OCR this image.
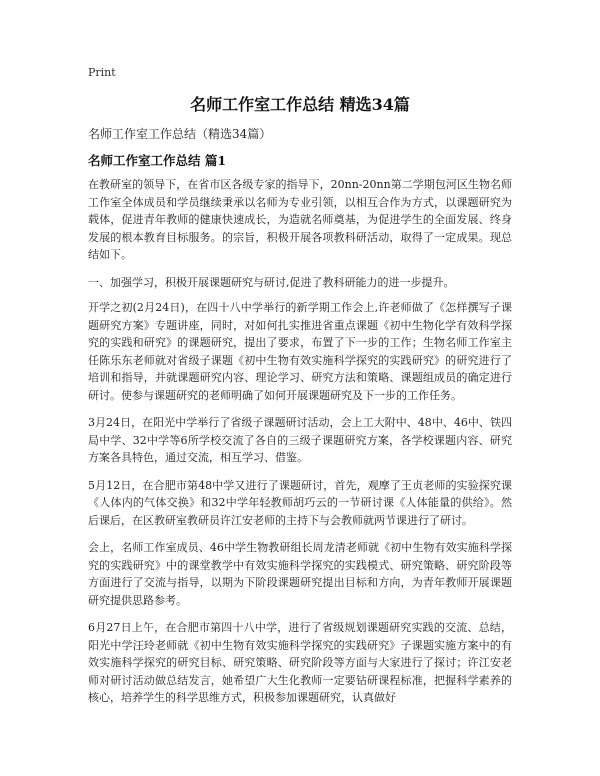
Print
名师工作室工作总结 精选34篇

名师工作室工作总结（精选34篇）

名师工作室工作总结 篇1

在教研室的领导下，在省市区各级专家的指导下，20nn-20nn第二学期包河区生物名师工作室全体成员和学员继续秉承以名师为专业引领，以相互合作为方式，以课题研究为载体，促进青年教师的健康快速成长，为造就名师奠基，为促进学生的全面发展、终身发展的根本教育目标服务。的宗旨，积极开展各项教科研活动，取得了一定成果。现总结如下。

一、加强学习，积极开展课题研究与研讨,促进了教科研能力的进一步提升。

开学之初(2月24日)，在四十八中学举行的新学期工作会上,许老师做了《怎样撰写子课题研究方案》专题讲座，同时，对如何扎实推进省重点课题《初中生物化学有效科学探究的实践和研究》的课题研究，提出了要求，布置了下一步的工作；生物名师工作室主任陈乐东老师就对省级子课题《初中生物有效实施科学探究的实践研究》的研究进行了培训和指导，并就课题研究内容、理论学习、研究方法和策略、课题组成员的确定进行研讨。使参与课题研究的老师明确了如何开展课题研究及下一步的工作任务。

3月24日，在阳光中学举行了省级子课题研讨活动，会上工大附中、48中、46中、铁四局中学、32中学等6所学校交流了各自的三级子课题研究方案，各学校课题内容、研究方案各具特色，通过交流，相互学习、借鉴。

5月12日，在合肥市第48中学又进行了课题研讨，首先，观摩了王贞老师的实验探究课《人体内的气体交换》和32中学年轻教师胡巧云的一节研讨课《人体能量的供给》。然后课后，在区教研室教研员许江安老师的主持下与会教师就两节课进行了研讨。

会上，名师工作室成员、46中学生物教研组长周龙清老师就《初中生物有效实施科学探究的实践研究》中的课堂教学中有效实施科学探究的实践模式、研究策略、研究阶段等方面进行了交流与指导，以期为下阶段课题研究提出目标和方向，为青年教师开展课题研究提供思路参考。

6月27日上午，在合肥市第四十八中学，进行了省级规划课题研究实践的交流、总结，阳光中学汪玲老师就《初中生物有效实施科学探究的实践研究》子课题实施方案中的有效实施科学探究的研究目标、研究策略、研究阶段等方面与大家进行了探讨；许江安老师对研讨活动做总结发言，她希望广大生化教师一定要钻研课程标准，把握科学素养的核心，培养学生的科学思维方式，积极参加课题研究，认真做好
